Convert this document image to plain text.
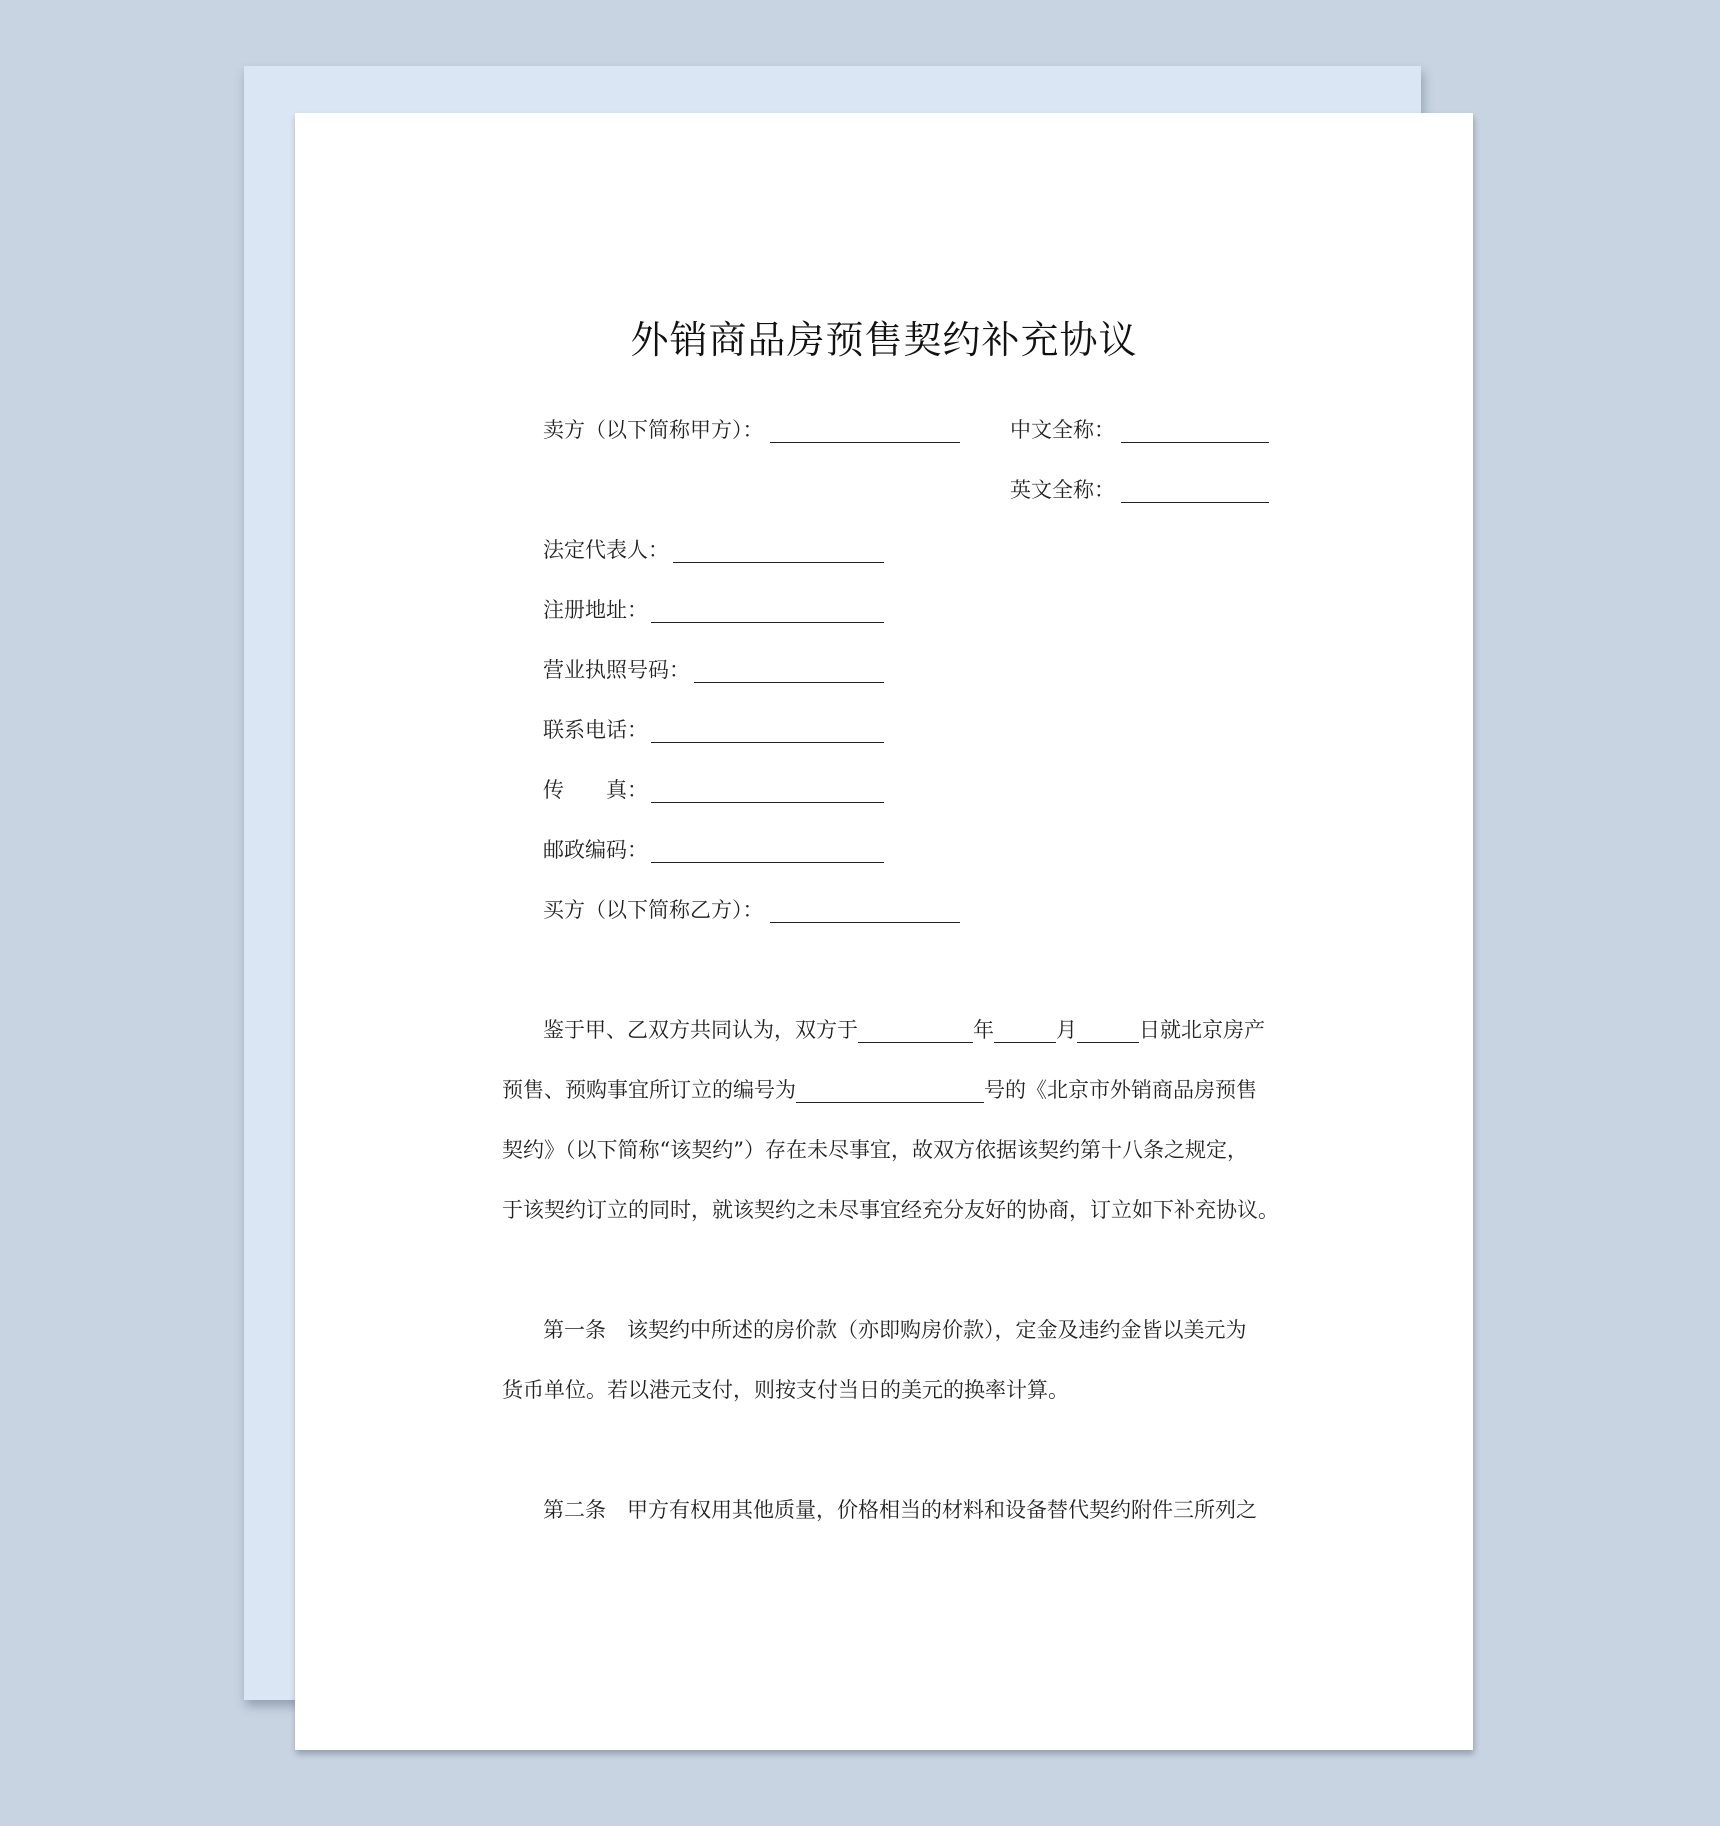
外销商品房预售契约补充协议
卖方（以下简称甲方）：	中文全称：
英文全称：
法定代表人：
注册地址：
营业执照号码：
联系电话：
传 真：
邮政编码：
买方（以下简称乙方）：
鉴于甲、乙双方共同认为，双方于	年	月	日就北京房产
预售、预购事宜所订立的编号为	号的《北京市外销商品房预售
契约》（以下简称“该契约”）存在未尽事宜，故双方依据该契约第十八条之规定，
于该契约订立的同时，就该契约之未尽事宜经充分友好的协商，订立如下补充协议。
第一条 该契约中所述的房价款（亦即购房价款），定金及违约金皆以美元为
货币单位。若以港元支付，则按支付当日的美元的换率计算。
第二条 甲方有权用其他质量，价格相当的材料和设备替代契约附件三所列之
